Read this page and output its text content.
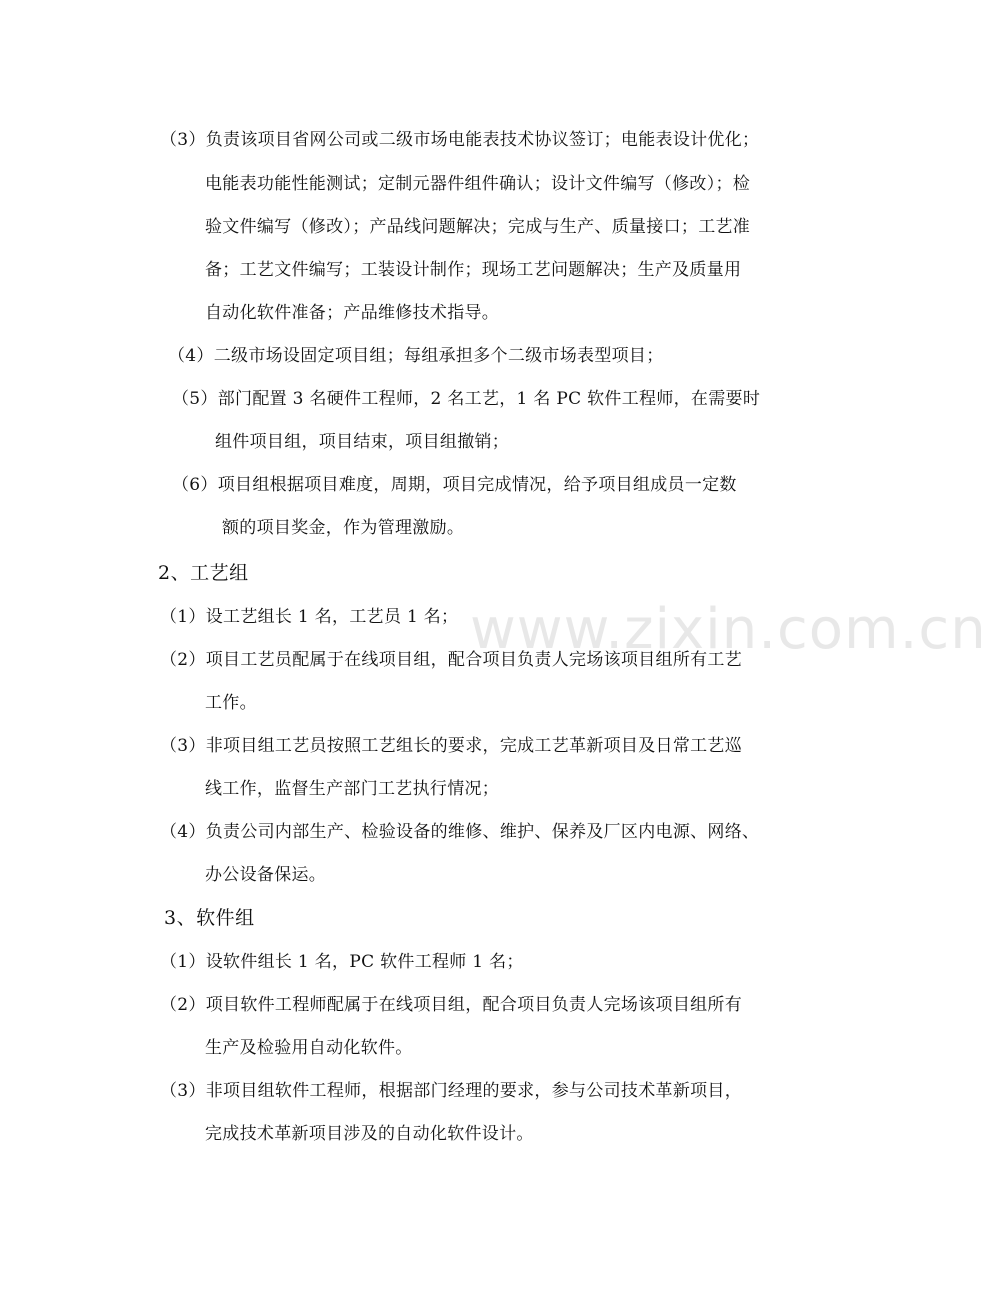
www.zixin.com.cn
（3）负责该项目省网公司或二级市场电能表技术协议签订；电能表设计优化；
电能表功能性能测试；定制元器件组件确认；设计文件编写（修改）；检
验文件编写（修改）；产品线问题解决；完成与生产、质量接口；工艺准
备；工艺文件编写；工装设计制作；现场工艺问题解决；生产及质量用
自动化软件准备；产品维修技术指导。
（4）二级市场设固定项目组；每组承担多个二级市场表型项目；
（5）部门配置 3 名硬件工程师，2 名工艺，1 名 PC 软件工程师，在需要时
组件项目组，项目结束，项目组撤销；
（6）项目组根据项目难度，周期，项目完成情况，给予项目组成员一定数
额的项目奖金，作为管理激励。
2、工艺组
（1）设工艺组长 1 名，工艺员 1 名；
（2）项目工艺员配属于在线项目组，配合项目负责人完场该项目组所有工艺
工作。
（3）非项目组工艺员按照工艺组长的要求，完成工艺革新项目及日常工艺巡
线工作，监督生产部门工艺执行情况；
（4）负责公司内部生产、检验设备的维修、维护、保养及厂区内电源、网络、
办公设备保运。
3、软件组
（1）设软件组长 1 名，PC 软件工程师 1 名；
（2）项目软件工程师配属于在线项目组，配合项目负责人完场该项目组所有
生产及检验用自动化软件。
（3）非项目组软件工程师，根据部门经理的要求，参与公司技术革新项目，
完成技术革新项目涉及的自动化软件设计。
